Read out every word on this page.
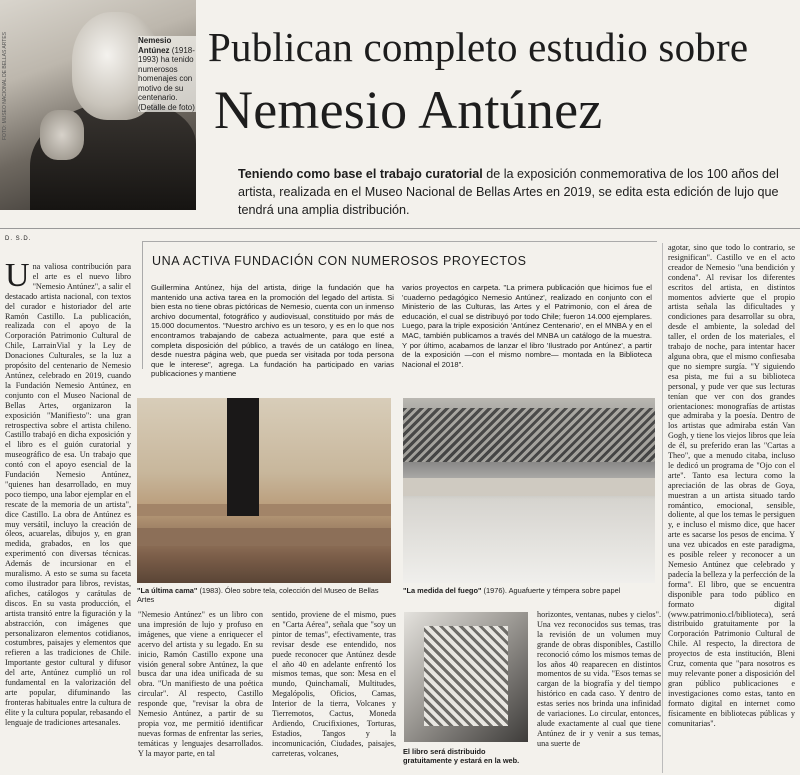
Nemesio Antúnez (1918-1993) ha tenido numerosos homenajes con motivo de su centenario. (Detalle de foto)
FOTO: MUSEO NACIONAL DE BELLAS ARTES	Publican completo estudio sobre
Nemesio Antúnez
Teniendo como base el trabajo curatorial de la exposición conmemorativa de los 100 años del artista, realizada en el Museo Nacional de Bellas Artes en 2019, se edita esta edición de lujo que tendrá una amplia distribución.
D. S.D.
Una valiosa contribución para el arte es el nuevo libro "Nemesio Antúnez", a salir el destacado artista nacional, con textos del curador e historiador del arte Ramón Castillo. La publicación, realizada con el apoyo de la Corporación Patrimonio Cultural de Chile, LarrainVial y la Ley de Donaciones Culturales, se la luz a propósito del centenario de Nemesio Antúnez, celebrado en 2019, cuando la Fundación Nemesio Antúnez, en conjunto con el Museo Nacional de Bellas Artes, organizaron la exposición "Manifiesto": una gran retrospectiva sobre el artista chileno. Castillo trabajó en dicha exposición y el libro es el guión curatorial y museográfico de esa. Un trabajo que contó con el apoyo esencial de la Fundación Nemesio Antúnez, "quienes han desarrollado, en muy poco tiempo, una labor ejemplar en el rescate de la memoria de un artista", dice Castillo. La obra de Antúnez es muy versátil, incluyo la creación de óleos, acuarelas, dibujos y, en gran medida, grabados, en los que experimentó con diversas técnicas. Además de incursionar en el muralismo. A esto se suma su faceta como ilustrador para libros, revistas, afiches, catálogos y carátulas de discos. En su vasta producción, el artista transitó entre la figuración y la abstracción, con imágenes que personalizaron elementos cotidianos, costumbres, paisajes y elementos que refieren a las tradiciones de Chile. Importante gestor cultural y difusor del arte, Antúnez cumplió un rol fundamental en la valorización del arte popular, difuminando las fronteras habituales entre la cultura de élite y la cultura popular, rebasando el lenguaje de tradiciones artesanales.
UNA ACTIVA FUNDACIÓN CON NUMEROSOS PROYECTOS
Guillermina Antúnez, hija del artista, dirige la fundación que ha mantenido una activa tarea en la promoción del legado del artista. Si bien esta no tiene obras pictóricas de Nemesio, cuenta con un inmenso archivo documental, fotográfico y audiovisual, constituido por más de 15.000 documentos. "Nuestro archivo es un tesoro, y es en lo que nos encontramos trabajando de cabeza actualmente, para que esté a completa disposición del público, a través de un catálogo en línea, desde nuestra página web, que pueda ser visitada por toda persona que le interese", agrega. La fundación ha participado en varias publicaciones y mantiene
varios proyectos en carpeta. "La primera publicación que hicimos fue el 'cuaderno pedagógico Nemesio Antúnez', realizado en conjunto con el Ministerio de las Culturas, las Artes y el Patrimonio, con el área de educación, el cual se distribuyó por todo Chile; fueron 14.000 ejemplares. Luego, para la triple exposición 'Antúnez Centenario', en el MNBA y en el MAC, también publicamos a través del MNBA un catálogo de la muestra. Y por último, acabamos de lanzar el libro 'Ilustrado por Antúnez', a partir de la exposición —con el mismo nombre— montada en la Biblioteca Nacional el 2018".
"La última cama" (1983). Óleo sobre tela, colección del Museo de Bellas Artes
"La medida del fuego" (1976). Aguafuerte y témpera sobre papel
"Nemesio Antúnez" es un libro con una impresión de lujo y profuso en imágenes, que viene a enriquecer el acervo del artista y su legado. En su inicio, Ramón Castillo expone una visión general sobre Antúnez, la que busca dar una idea unificada de su obra. "Un manifiesto de una poética circular". Al respecto, Castillo responde que, "revisar la obra de Nemesio Antúnez, a partir de su propia voz, me permitió identificar nuevas formas de enfrentar las series, temáticas y lenguajes desarrollados. Y la mayor parte, en tal
sentido, proviene de el mismo, pues en "Carta Aérea", señala que "soy un pintor de temas", efectivamente, tras revisar desde ese entendido, nos puede reconocer que Antúnez desde el año 40 en adelante enfrentó los mismos temas, que son: Mesa en el mundo, Quinchamalí, Multitudes, Megalópolis, Oficios, Camas, Interior de la tierra, Volcanes y Tierremotos, Cactus, Moneda Ardiendo, Crucifixiones, Torturas, Estadios, Tangos y la incomunicación, Ciudades, paisajes, carreteras, volcanes,	El libro será distribuido gratuitamente y estará en la web.
horizontes, ventanas, nubes y cielos". Una vez reconocidos sus temas, tras la revisión de un volumen muy grande de obras disponibles, Castillo reconoció cómo los mismos temas de los años 40 reaparecen en distintos momentos de su vida. "Esos temas se cargan de la biografía y del tiempo histórico en cada caso. Y dentro de estas series nos brinda una infinidad de variaciones. Lo circular, entonces, alude exactamente al cual que tiene Antúnez de ir y venir a sus temas, una suerte de
agotar, sino que todo lo contrario, se resignifican". Castillo ve en el acto creador de Nemesio "una bendición y condena". Al revisar los diferentes escritos del artista, en distintos momentos advierte que el propio artista señala las dificultades y condiciones para desarrollar su obra, desde el ambiente, la soledad del taller, el orden de los materiales, el trabajo de noche, para intentar hacer alguna obra, que el mismo confiesaba que no siempre surgía. "Y siguiendo esa pista, me fui a su biblioteca personal, y pude ver que sus lecturas tenían que ver con dos grandes orientaciones: monografías de artistas que admiraba y la poesía. Dentro de los artistas que admiraba están Van Gogh, y tiene los viejos libros que leía de él, su preferido eran las "Cartas a Theo", que a menudo citaba, incluso le dedicó un programa de "Ojo con el arte". Tanto esa lectura como la apreciación de las obras de Goya, muestran a un artista situado tardo romántico, emocional, sensible, doliente, al que los temas le persiguen y, e incluso el mismo dice, que hacer arte es sacarse los pesos de encima. Y una vez ubicados en este paradigma, es posible releer y reconocer a un Nemesio Antúnez que celebrado y padecía la belleza y la perfección de la forma". El libro, que se encuentra disponible para todo público en formato digital (www.patrimonio.cl/biblioteca), será distribuido gratuitamente por la Corporación Patrimonio Cultural de Chile. Al respecto, la directora de proyectos de esta institución, Bleni Cruz, comenta que "para nosotros es muy relevante poner a disposición del gran público publicaciones e investigaciones como estas, tanto en formato digital en internet como físicamente en bibliotecas públicas y comunitarias".
